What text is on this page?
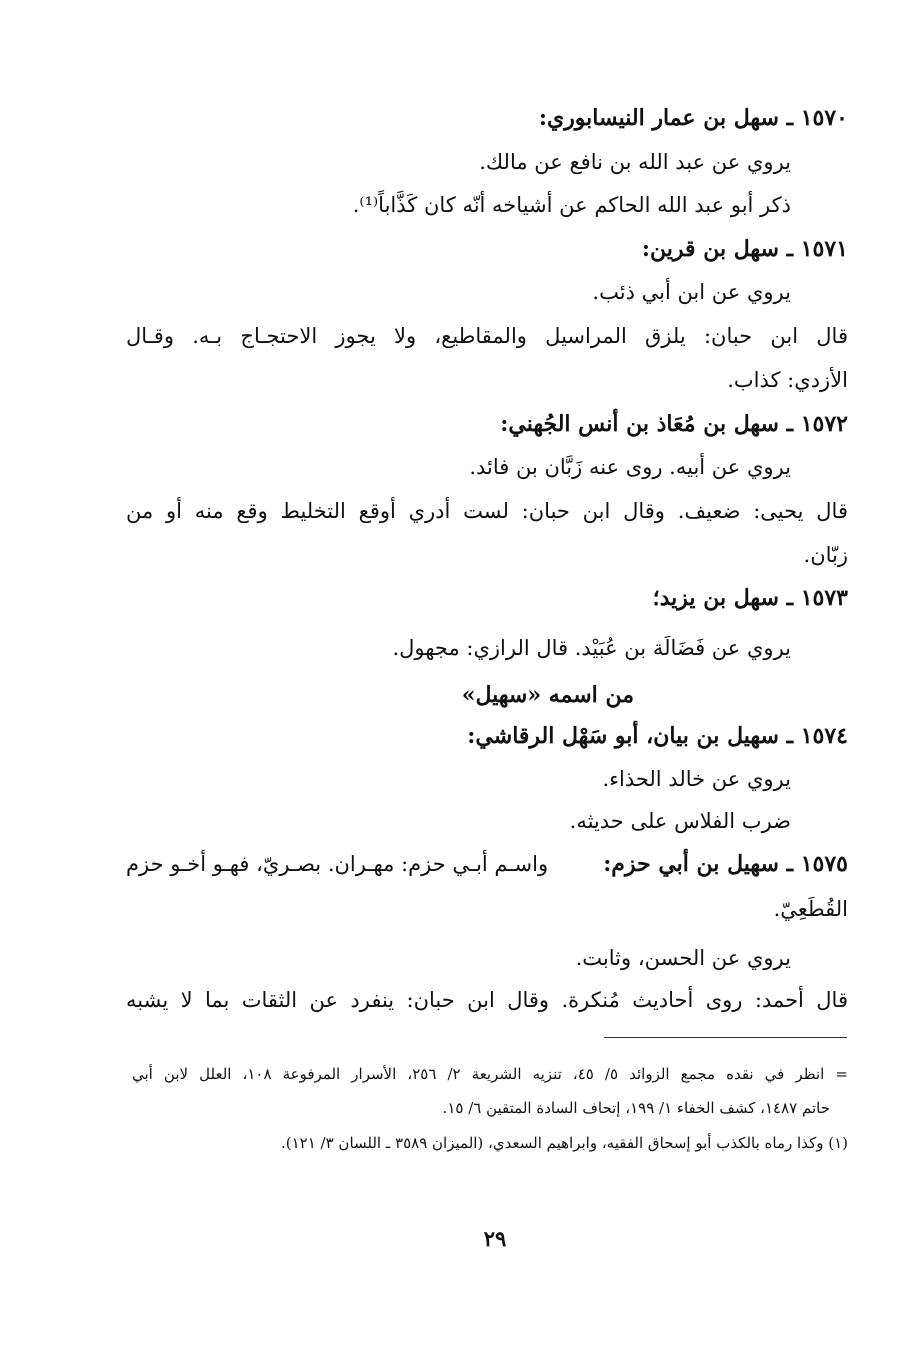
١٥٧٠ ـ سهل بن عمار النيسابوري:
يروي عن عبد الله بن نافع عن مالك.
ذكر أبو عبد الله الحاكم عن أشياخه أنّه كان كَذَّاباً⁽¹⁾.
١٥٧١ ـ سهل بن قرين:
يروي عن ابن أبي ذئب.
قال ابن حبان: يلزق المراسيل والمقاطيع، ولا يجوز الاحتجـاج بـه. وقـال
الأزدي: كذاب.
١٥٧٢ ـ سهل بن مُعَاذ بن أنس الجُهني:
يروي عن أبيه. روى عنه زَبَّان بن فائد.
قال يحيى: ضعيف. وقال ابن حبان: لست أدري أوقع التخليط وقع منه أو من
زبّان.
١٥٧٣ ـ سهل بن يزيد؛
يروي عن فَضَالَة بن عُبَيْد. قال الرازي: مجهول.
من اسمه «سهيل»
١٥٧٤ ـ سهيل بن بيان، أبو سَهْل الرقاشي:
يروي عن خالد الحذاء.
ضرب الفلاس على حديثه.
١٥٧٥ ـ سهيل بن أبي حزم:
واسـم أبـي حزم: مهـران. بصـريّ، فهـو أخـو حزم
القُطَعِيّ.
يروي عن الحسن، وثابت.
قال أحمد: روى أحاديث مُنكرة. وقال ابن حبان: ينفرد عن الثقات بما لا يشبه
= انظر في نقده مجمع الزوائد ٥/ ٤٥، تنزيه الشريعة ٢/ ٢٥٦، الأسرار المرفوعة ١٠٨، العلل لابن أبي
حاتم ١٤٨٧، كشف الخفاء ١/ ١٩٩، إتحاف السادة المتقين ٦/ ١٥.
(١) وكذا رماه بالكذب أبو إسحاق الفقيه، وابراهيم السعدي، (الميزان ٣٥٨٩ ـ اللسان ٣/ ١٢١).
٢٩
